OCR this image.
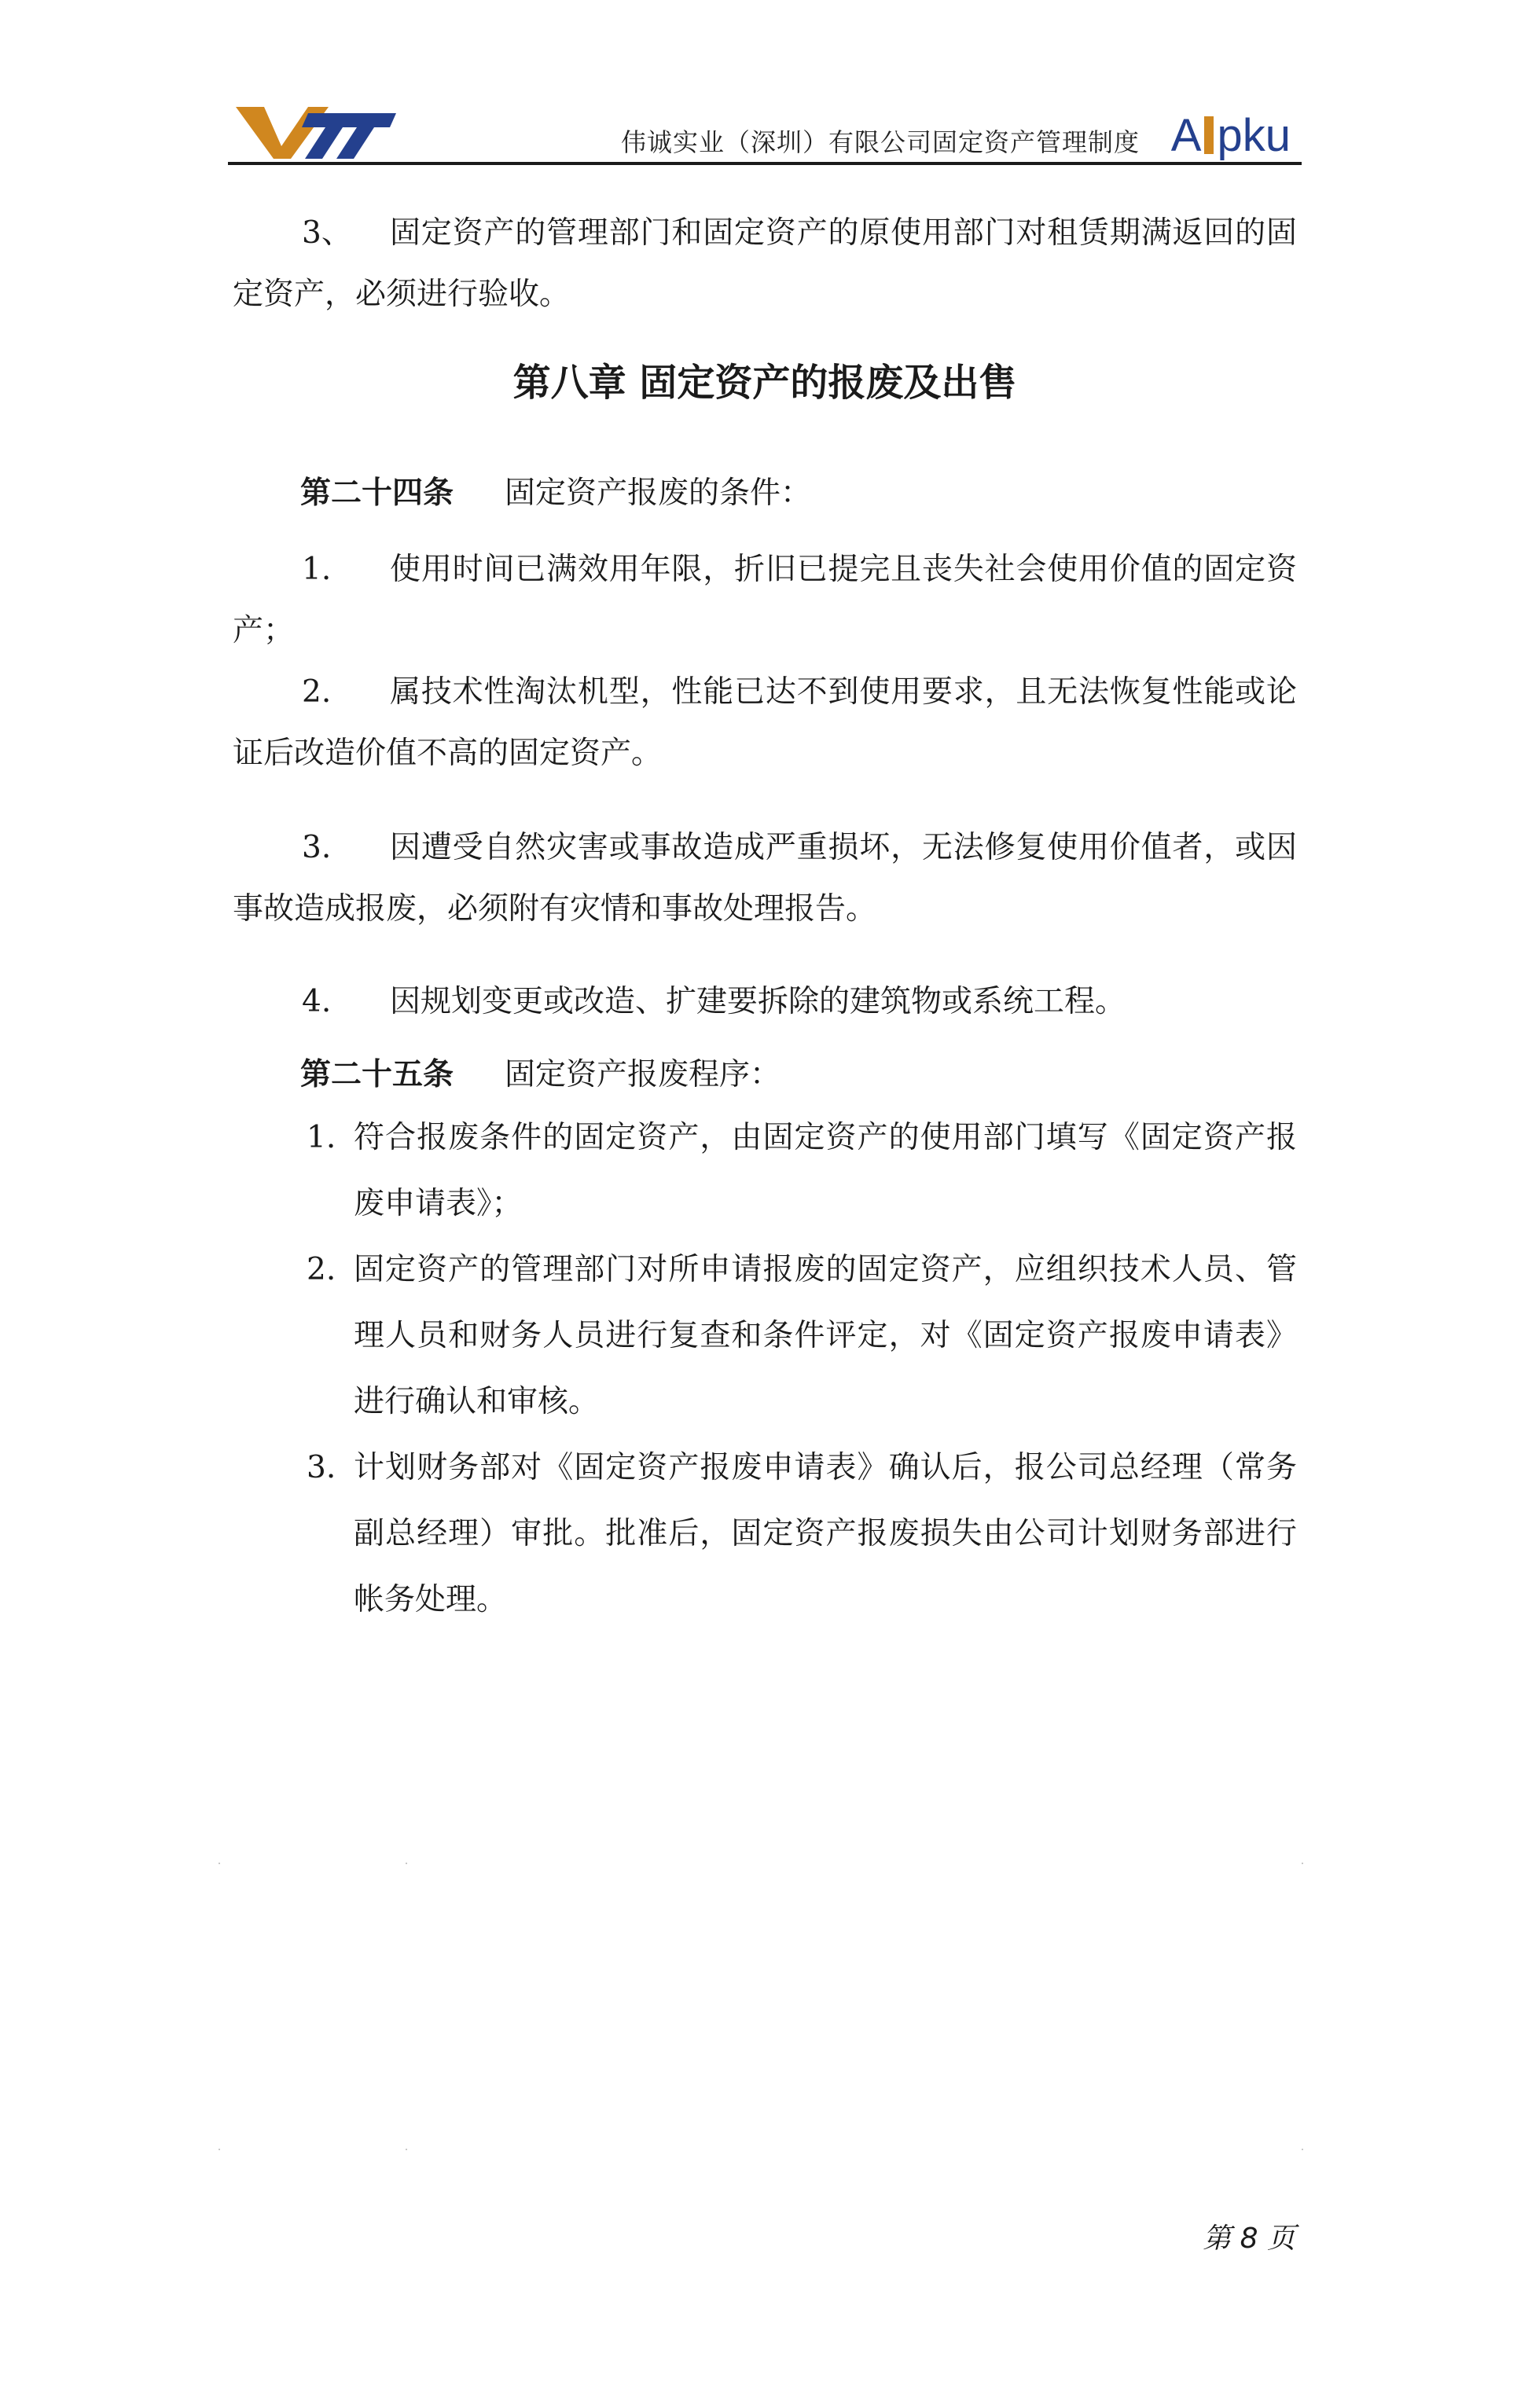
伟诚实业（深圳）有限公司固定资产管理制度 A pku

3、	固定资产的管理部门和固定资产的原使用部门对租赁期满返回的固定资产，必须进行验收。

第八章 固定资产的报废及出售
第二十四条 固定资产报废的条件：

1.	使用时间已满效用年限，折旧已提完且丧失社会使用价值的固定资产；

2.	属技术性淘汰机型，性能已达不到使用要求，且无法恢复性能或论证后改造价值不高的固定资产。

3.	因遭受自然灾害或事故造成严重损坏，无法修复使用价值者，或因事故造成报废，必须附有灾情和事故处理报告。

4.	因规划变更或改造、扩建要拆除的建筑物或系统工程。

第二十五条 固定资产报废程序：
1. 符合报废条件的固定资产，由固定资产的使用部门填写《固定资产报废申请表》；
2. 固定资产的管理部门对所申请报废的固定资产，应组织技术人员、管理人员和财务人员进行复查和条件评定，对《固定资产报废申请表》进行确认和审核。
3. 计划财务部对《固定资产报废申请表》确认后，报公司总经理（常务副总经理）审批。批准后，固定资产报废损失由公司计划财务部进行帐务处理。
第 8 页
